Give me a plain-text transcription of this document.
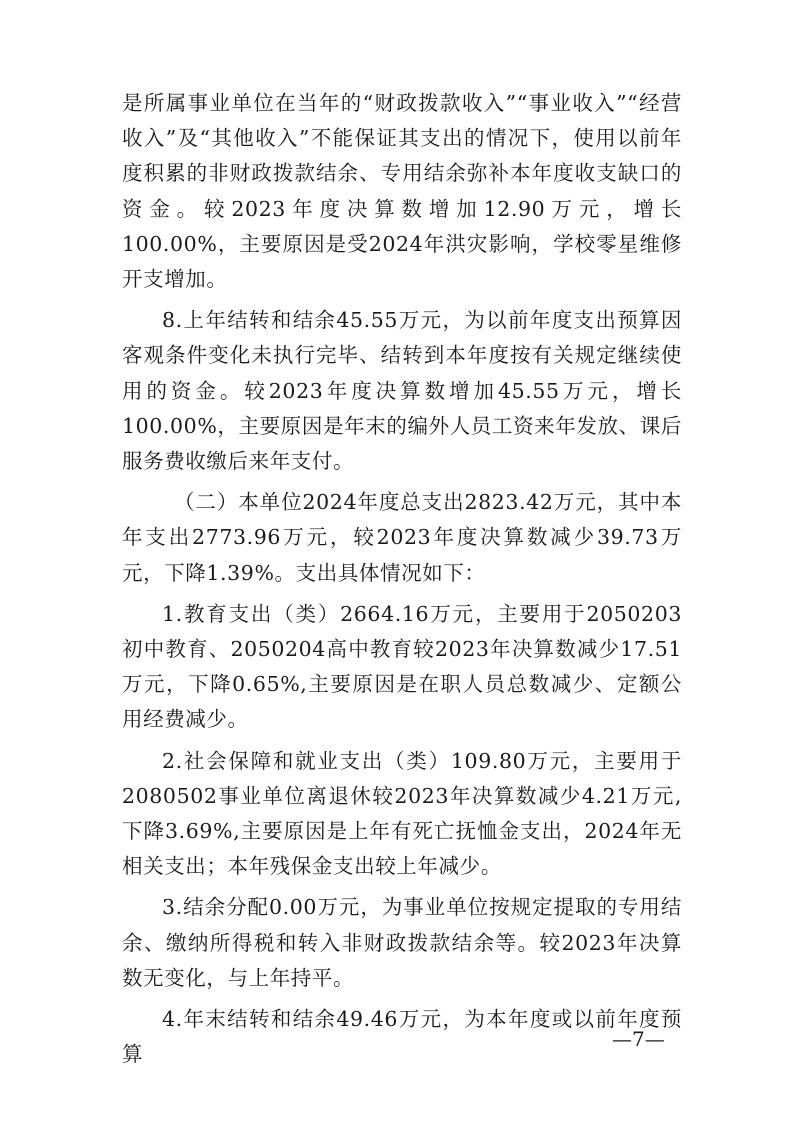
是所属事业单位在当年的“财政拨款收入”“事业收入”“经营收入”及“其他收入”不能保证其支出的情况下，使用以前年度积累的非财政拨款结余、专用结余弥补本年度收支缺口的资金。较2023年度决算数增加12.90万元，增长100.00%，主要原因是受2024年洪灾影响，学校零星维修开支增加。

8.上年结转和结余45.55万元，为以前年度支出预算因客观条件变化未执行完毕、结转到本年度按有关规定继续使用的资金。较2023年度决算数增加45.55万元，增长100.00%，主要原因是年末的编外人员工资来年发放、课后服务费收缴后来年支付。

（二）本单位2024年度总支出2823.42万元，其中本年支出2773.96万元，较2023年度决算数减少39.73万元，下降1.39%。支出具体情况如下：

1.教育支出（类）2664.16万元，主要用于2050203初中教育、2050204高中教育较2023年决算数减少17.51万元，下降0.65%,主要原因是在职人员总数减少、定额公用经费减少。

2.社会保障和就业支出（类）109.80万元，主要用于2080502事业单位离退休较2023年决算数减少4.21万元,下降3.69%,主要原因是上年有死亡抚恤金支出，2024年无相关支出；本年残保金支出较上年减少。

3.结余分配0.00万元，为事业单位按规定提取的专用结余、缴纳所得税和转入非财政拨款结余等。较2023年决算数无变化，与上年持平。

4.年末结转和结余49.46万元，为本年度或以前年度预算

—7—
